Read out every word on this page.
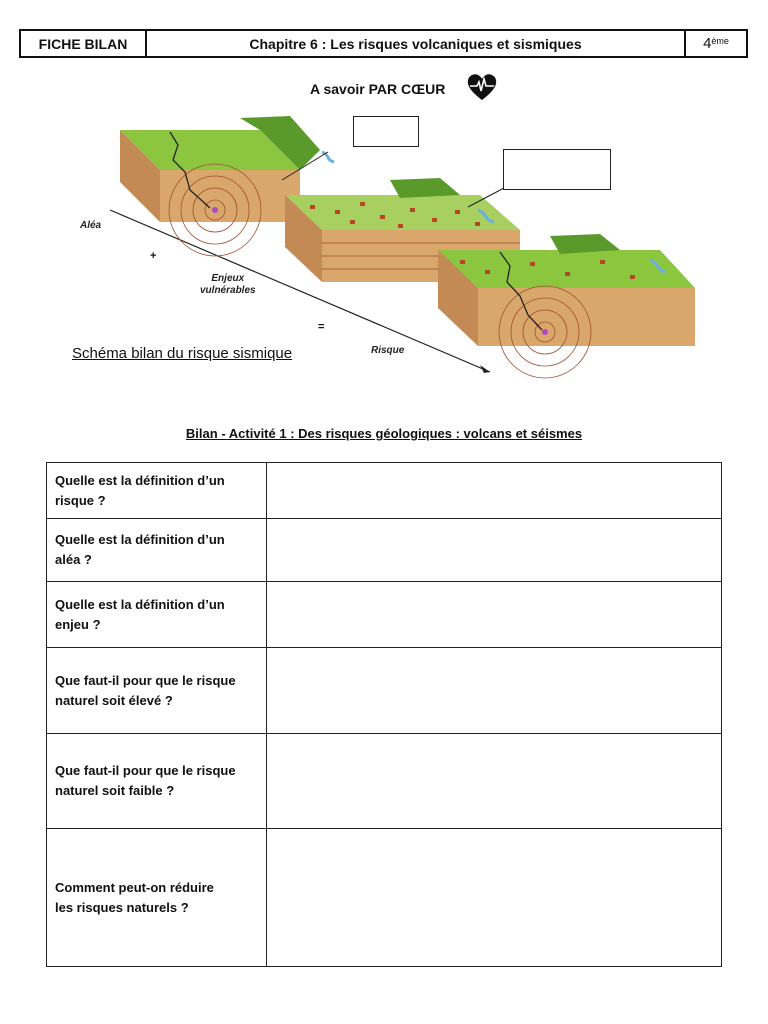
FICHE BILAN	Chapitre 6 : Les risques volcaniques et sismiques	4ème
A savoir PAR CŒUR
Aléa
+
Enjeux
vulnérables
=
Risque
Schéma bilan du risque sismique
Bilan - Activité 1 : Des risques géologiques : volcans et séismes
Quelle est la définition d’un
risque ?	

Quelle est la définition d’un
aléa ?	

Quelle est la définition d’un
enjeu ?	

Que faut-il pour que le risque
naturel soit élevé ?	

Que faut-il pour que le risque
naturel soit faible ?	

Comment peut-on réduire
les risques naturels ?	
